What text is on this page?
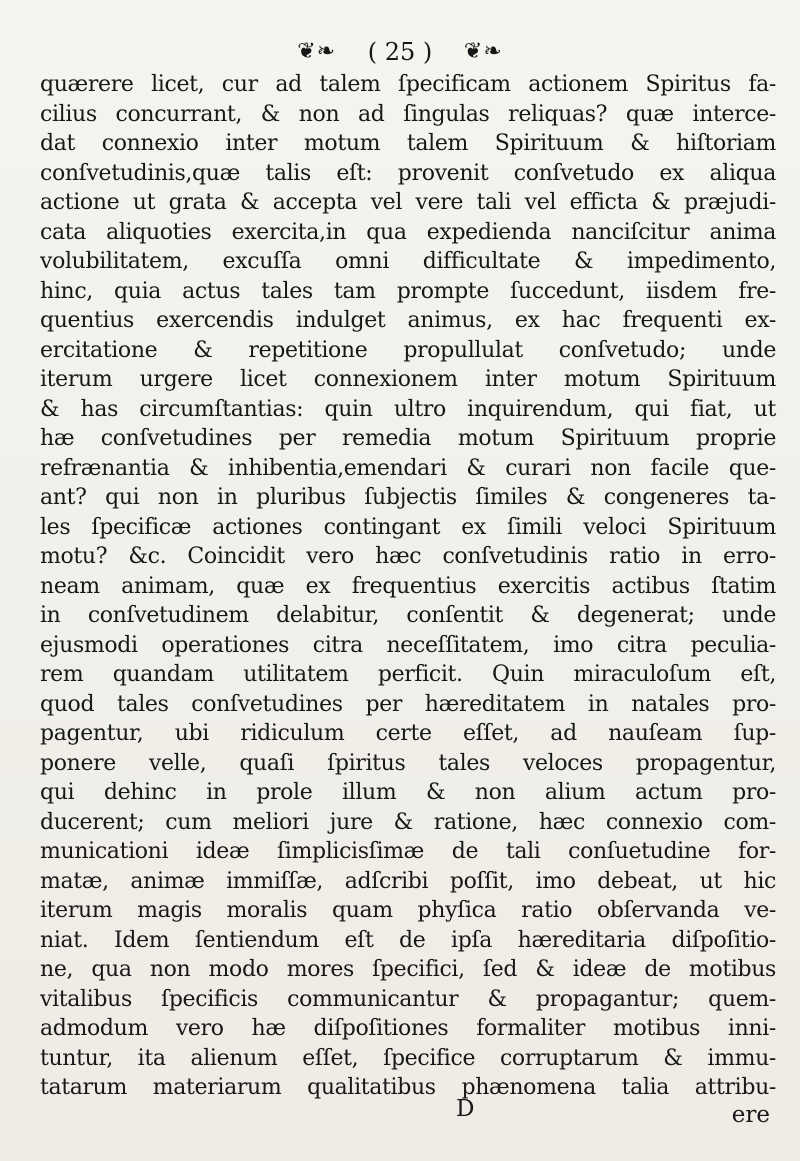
❦❧ ( 25 ) ❦❧
quærere licet, cur ad talem ſpecificam actionem Spiritus fa-
cilius concurrant, & non ad ſingulas reliquas? quæ interce-
dat connexio inter motum talem Spirituum & hiſtoriam
conſvetudinis,quæ talis eſt: provenit conſvetudo ex aliqua
actione ut grata & accepta vel vere tali vel efficta & præjudi-
cata aliquoties exercita,in qua expedienda nanciſcitur anima
volubilitatem, excuſſa omni difficultate & impedimento,
hinc, quia actus tales tam prompte ſuccedunt, iisdem fre-
quentius exercendis indulget animus, ex hac frequenti ex-
ercitatione & repetitione propullulat conſvetudo; unde
iterum urgere licet connexionem inter motum Spirituum
& has circumſtantias: quin ultro inquirendum, qui fiat, ut
hæ conſvetudines per remedia motum Spirituum proprie
refrænantia & inhibentia,emendari & curari non facile que-
ant? qui non in pluribus ſubjectis ſimiles & congeneres ta-
les ſpecificæ actiones contingant ex ſimili veloci Spirituum
motu? &c. Coincidit vero hæc conſvetudinis ratio in erro-
neam animam, quæ ex frequentius exercitis actibus ſtatim
in conſvetudinem delabitur, conſentit & degenerat; unde
ejusmodi operationes citra neceſſitatem, imo citra peculia-
rem quandam utilitatem perficit. Quin miraculoſum eſt,
quod tales conſvetudines per hæreditatem in natales pro-
pagentur, ubi ridiculum certe eſſet, ad nauſeam ſup-
ponere velle, quaſi ſpiritus tales veloces propagentur,
qui dehinc in prole illum & non alium actum pro-
ducerent; cum meliori jure & ratione, hæc connexio com-
municationi ideæ ſimplicisſimæ de tali conſuetudine for-
matæ, animæ immiſſæ, adſcribi poſſit, imo debeat, ut hic
iterum magis moralis quam phyſica ratio obſervanda ve-
niat. Idem ſentiendum eſt de ipſa hæreditaria diſpoſitio-
ne, qua non modo mores ſpecifici, ſed & ideæ de motibus
vitalibus ſpecificis communicantur & propagantur; quem-
admodum vero hæ diſpoſitiones formaliter motibus inni-
tuntur, ita alienum eſſet, ſpecifice corruptarum & immu-
tatarum materiarum qualitatibus phænomena talia attribu-
D	ere
